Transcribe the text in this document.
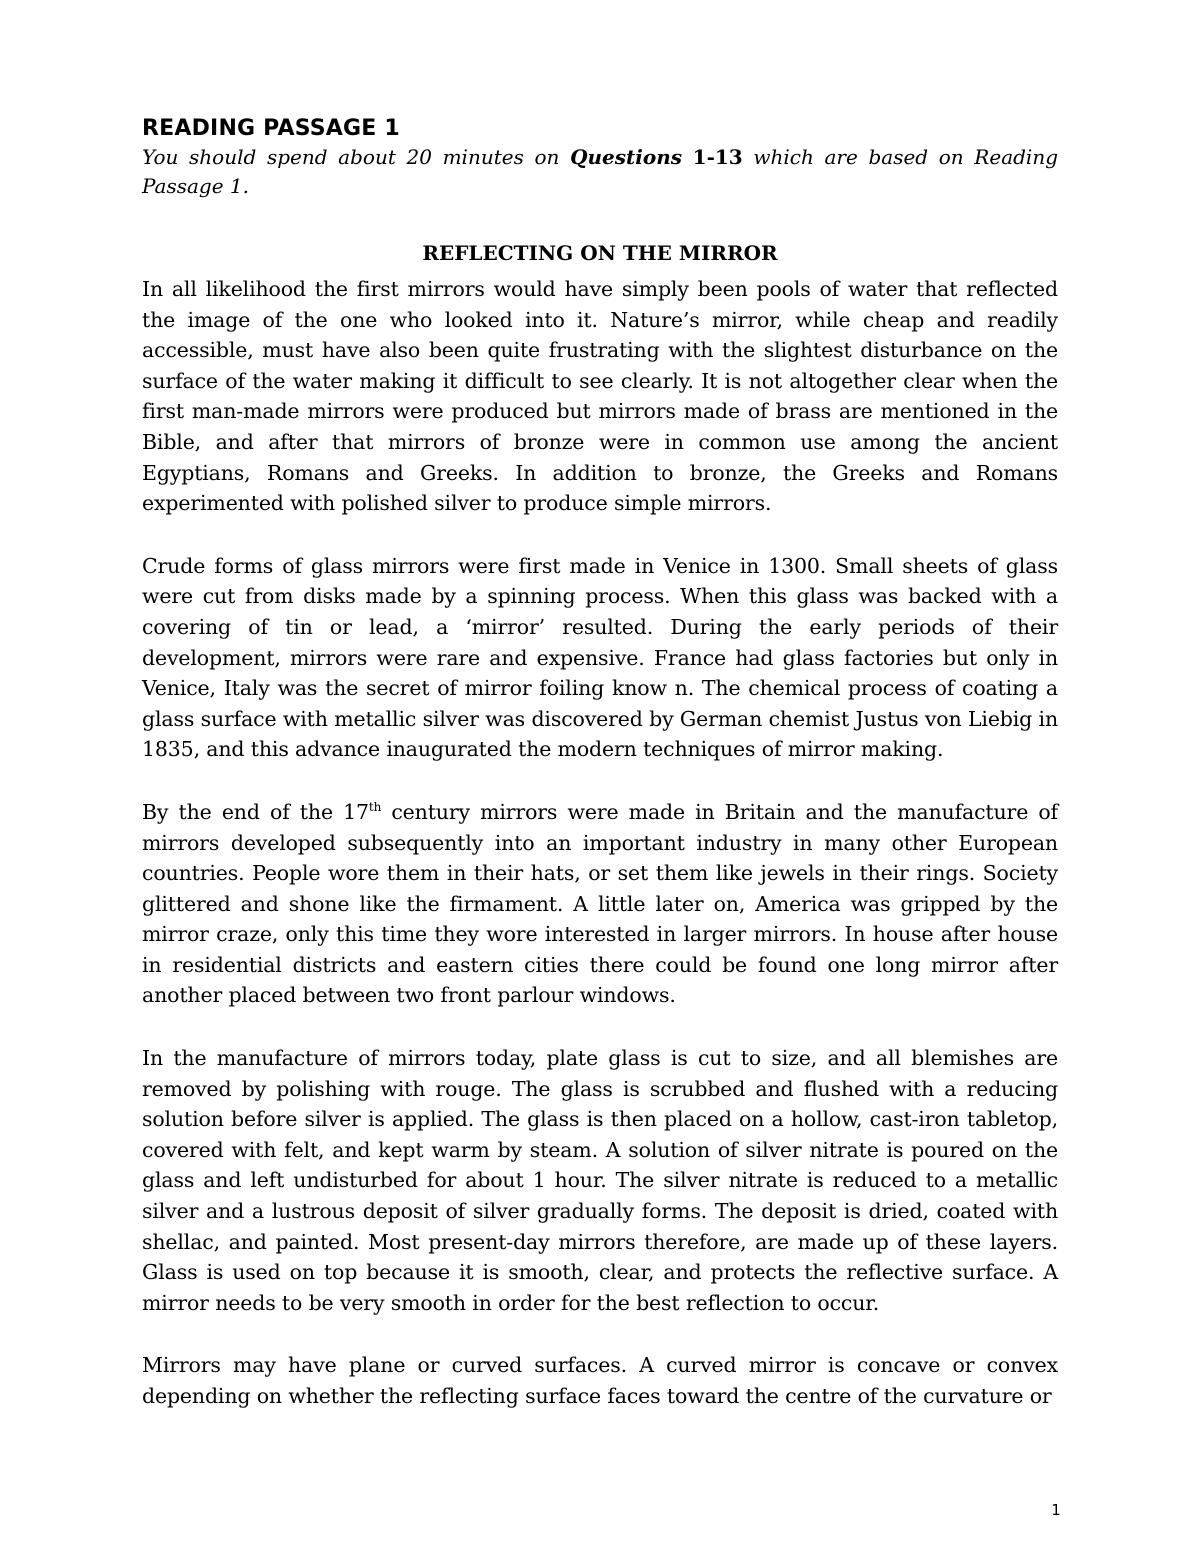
READING PASSAGE 1

You should spend about 20 minutes on Questions 1-13 which are based on Reading Passage 1.

REFLECTING ON THE MIRROR

In all likelihood the first mirrors would have simply been pools of water that reflected the image of the one who looked into it. Nature’s mirror, while cheap and readily accessible, must have also been quite frustrating with the slightest disturbance on the surface of the water making it difficult to see clearly. It is not altogether clear when the first man-made mirrors were produced but mirrors made of brass are mentioned in the Bible, and after that mirrors of bronze were in common use among the ancient Egyptians, Romans and Greeks. In addition to bronze, the Greeks and Romans experimented with polished silver to produce simple mirrors.

Crude forms of glass mirrors were first made in Venice in 1300. Small sheets of glass were cut from disks made by a spinning process. When this glass was backed with a covering of tin or lead, a ‘mirror’ resulted. During the early periods of their development, mirrors were rare and expensive. France had glass factories but only in Venice, Italy was the secret of mirror foiling know n. The chemical process of coating a glass surface with metallic silver was discovered by German chemist Justus von Liebig in 1835, and this advance inaugurated the modern techniques of mirror making.

By the end of the 17th century mirrors were made in Britain and the manufacture of mirrors developed subsequently into an important industry in many other European countries. People wore them in their hats, or set them like jewels in their rings. Society glittered and shone like the firmament. A little later on, America was gripped by the mirror craze, only this time they wore interested in larger mirrors. In house after house in residential districts and eastern cities there could be found one long mirror after another placed between two front parlour windows.

In the manufacture of mirrors today, plate glass is cut to size, and all blemishes are removed by polishing with rouge. The glass is scrubbed and flushed with a reducing solution before silver is applied. The glass is then placed on a hollow, cast-iron tabletop, covered with felt, and kept warm by steam. A solution of silver nitrate is poured on the glass and left undisturbed for about 1 hour. The silver nitrate is reduced to a metallic silver and a lustrous deposit of silver gradually forms. The deposit is dried, coated with shellac, and painted. Most present-day mirrors therefore, are made up of these layers. Glass is used on top because it is smooth, clear, and protects the reflective surface. A mirror needs to be very smooth in order for the best reflection to occur.

Mirrors may have plane or curved surfaces. A curved mirror is concave or convex depending on whether the reflecting surface faces toward the centre of the curvature or

1
